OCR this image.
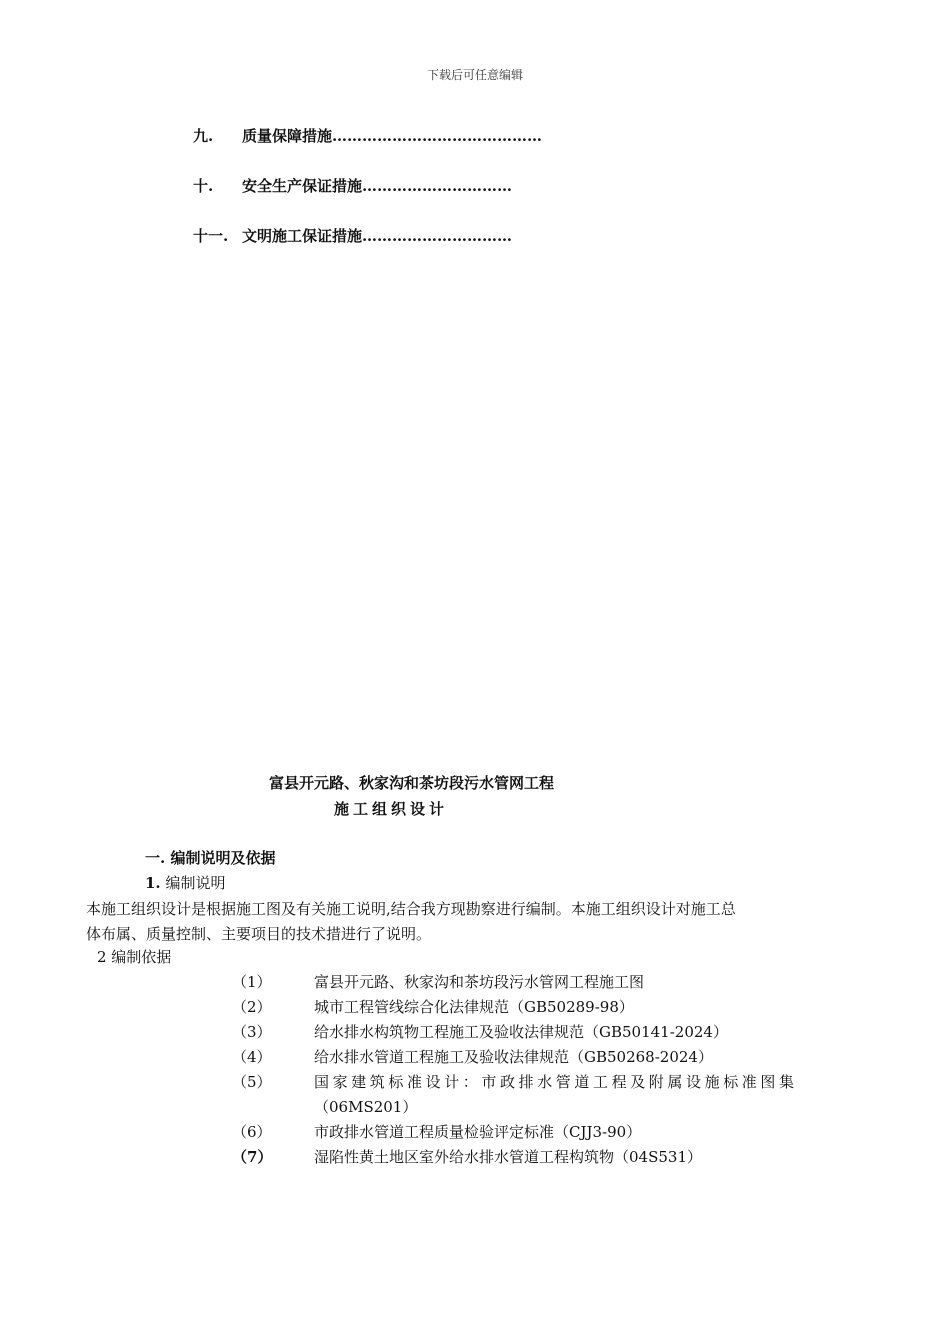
下载后可任意编辑
九. 质量保障措施……………………………………
十. 安全生产保证措施…………………………
十一. 文明施工保证措施…………………………
富县开元路、秋家沟和茶坊段污水管网工程
施工组织设计
一. 编制说明及依据
1. 编制说明
本施工组织设计是根据施工图及有关施工说明,结合我方现勘察进行编制。本施工组织设计对施工总
体布属、质量控制、主要项目的技术措进行了说明。
2 编制依据
（1）	富县开元路、秋家沟和茶坊段污水管网工程施工图
（2）	城市工程管线综合化法律规范（GB50289-98）
（3）	给水排水构筑物工程施工及验收法律规范（GB50141-2024）
（4）	给水排水管道工程施工及验收法律规范（GB50268-2024）
（5）	国家建筑标准设计：市政排水管道工程及附属设施标准图集
（06MS201）
（6）	市政排水管道工程质量检验评定标准（CJJ3-90）
（7）	湿陷性黄土地区室外给水排水管道工程构筑物（04S531）
